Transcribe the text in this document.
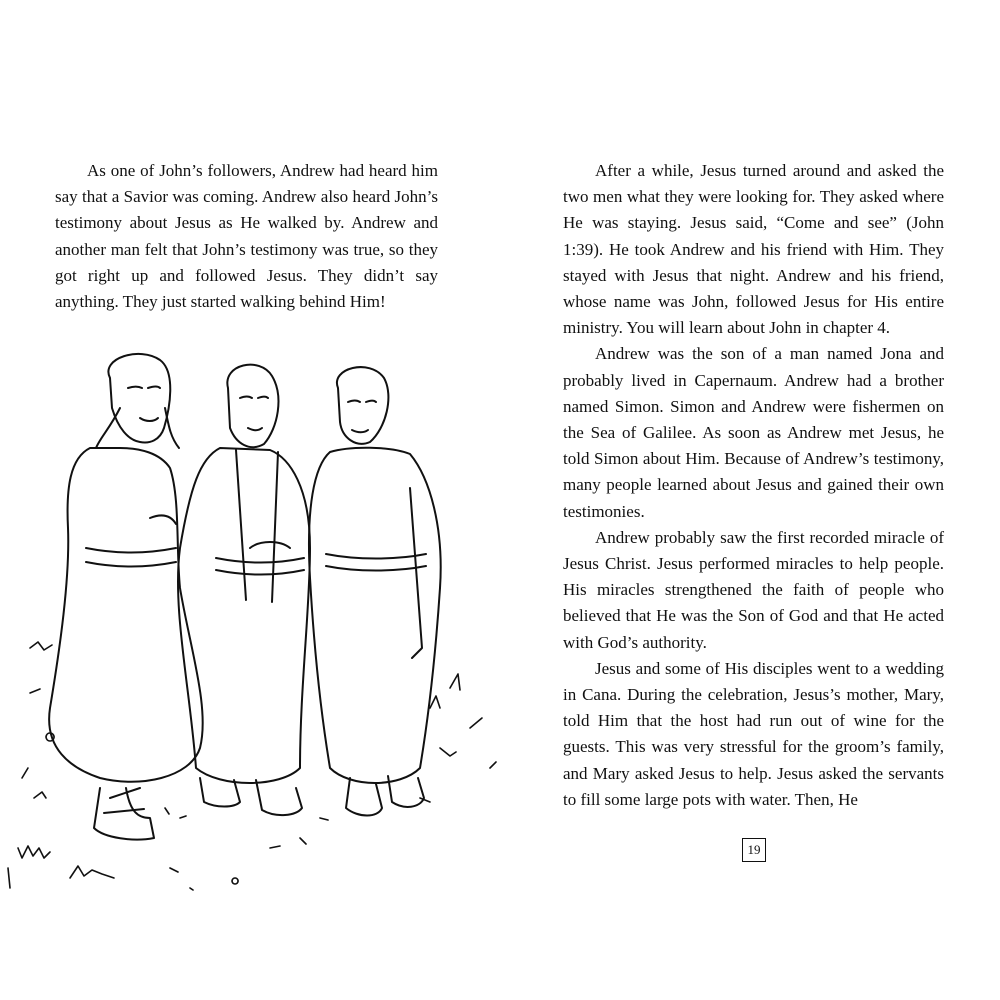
As one of John’s followers, Andrew had heard him say that a Savior was coming. Andrew also heard John’s testimony about Jesus as He walked by. Andrew and another man felt that John’s testimony was true, so they got right up and followed Jesus. They didn’t say anything. They just started walking behind Him!

After a while, Jesus turned around and asked the two men what they were looking for. They asked where He was staying. Jesus said, “Come and see” (John 1:39). He took Andrew and his friend with Him. They stayed with Jesus that night. Andrew and his friend, whose name was John, followed Jesus for His entire ministry. You will learn about John in chapter 4.

Andrew was the son of a man named Jona and probably lived in Capernaum. Andrew had a brother named Simon. Simon and Andrew were fishermen on the Sea of Galilee. As soon as Andrew met Jesus, he told Simon about Him. Because of Andrew’s testimony, many people learned about Jesus and gained their own testimonies.

Andrew probably saw the first recorded miracle of Jesus Christ. Jesus performed miracles to help people. His miracles strengthened the faith of people who believed that He was the Son of God and that He acted with God’s authority.

Jesus and some of His disciples went to a wedding in Cana. During the celebration, Jesus’s mother, Mary, told Him that the host had run out of wine for the guests. This was very stressful for the groom’s family, and Mary asked Jesus to help. Jesus asked the servants to fill some large pots with water. Then, He

19
